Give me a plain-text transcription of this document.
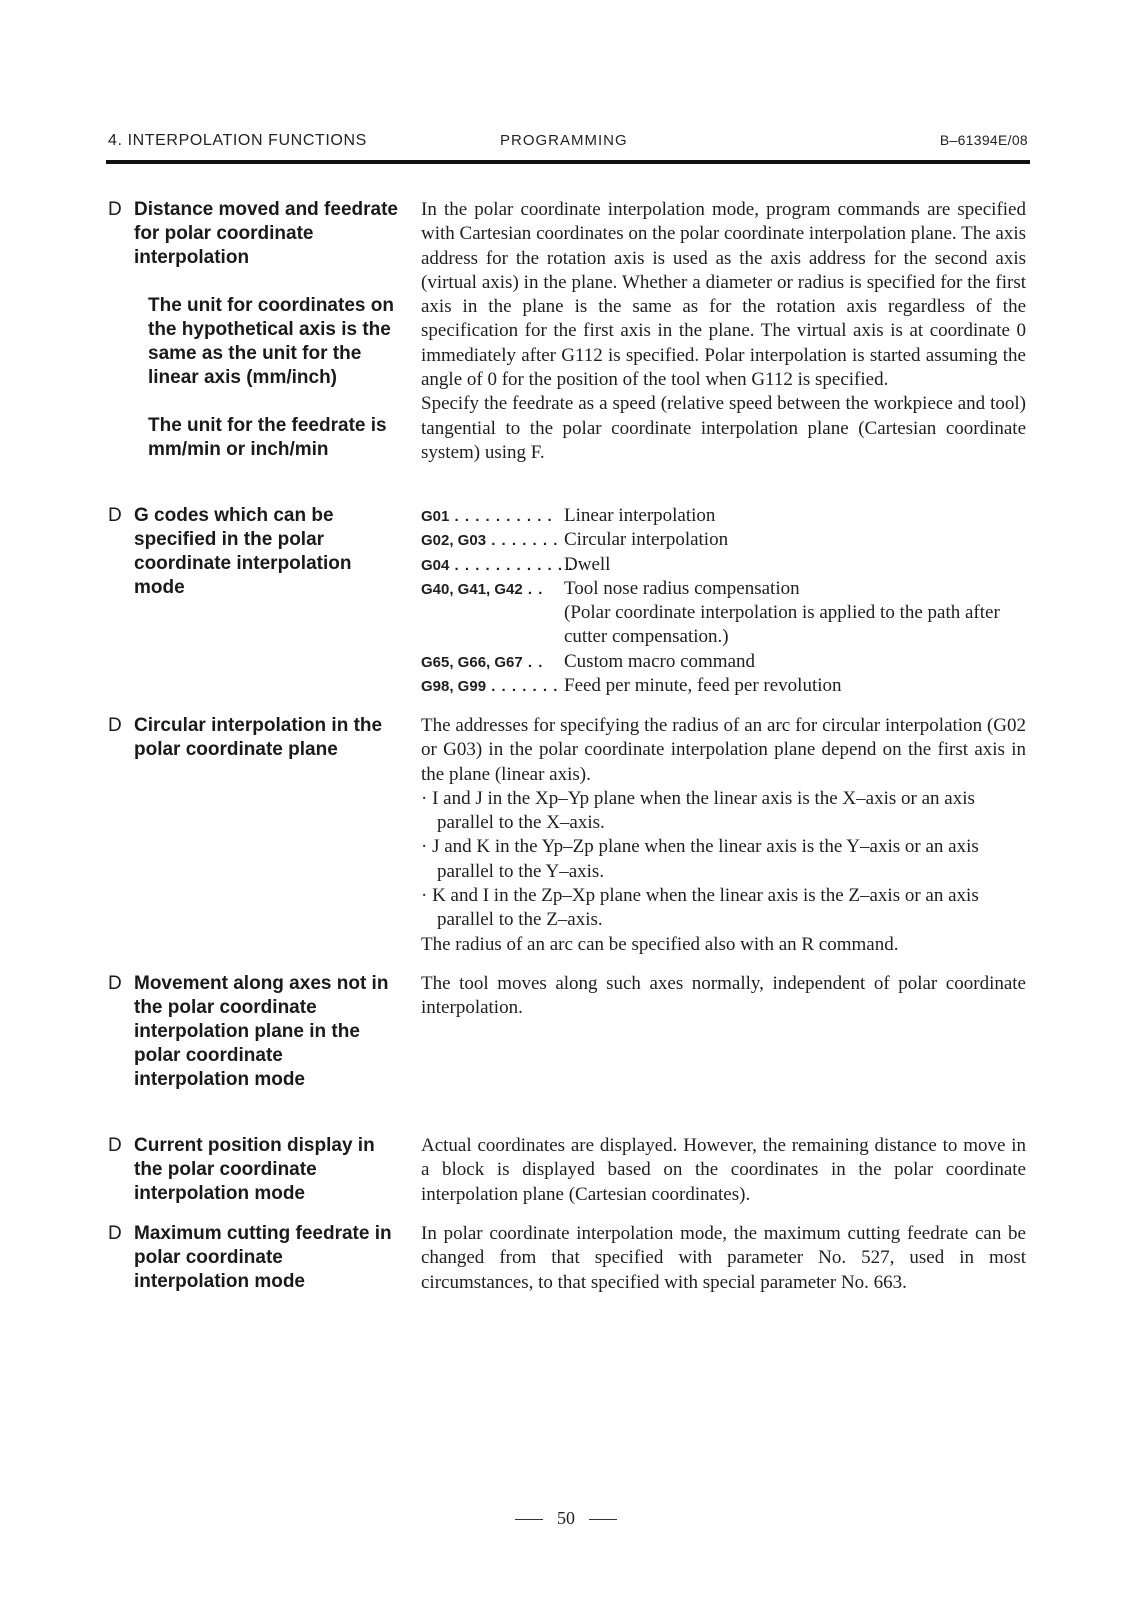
4. INTERPOLATION FUNCTIONS	PROGRAMMING	B–61394E/08
D Distance moved and feedrate for polar coordinate interpolation
The unit for coordinates on the hypothetical axis is the same as the unit for the linear axis (mm/inch)
The unit for the feedrate is mm/min or inch/min

In the polar coordinate interpolation mode, program commands are specified with Cartesian coordinates on the polar coordinate interpolation plane. The axis address for the rotation axis is used as the axis address for the second axis (virtual axis) in the plane. Whether a diameter or radius is specified for the first axis in the plane is the same as for the rotation axis regardless of the specification for the first axis in the plane. The virtual axis is at coordinate 0 immediately after G112 is specified. Polar interpolation is started assuming the angle of 0 for the position of the tool when G112 is specified.

Specify the feedrate as a speed (relative speed between the workpiece and tool) tangential to the polar coordinate interpolation plane (Cartesian coordinate system) using F.

D G codes which can be specified in the polar coordinate interpolation mode
G01 . . . . . . . . . . Linear interpolation
G02, G03 . . . . . . . Circular interpolation
G04 . . . . . . . . . . . .
Dwell
G40, G41, G42 . . Tool nose radius compensation
(Polar coordinate interpolation is applied to the path after cutter compensation.)
G65, G66, G67 . . Custom macro command
G98, G99 . . . . . . . Feed per minute, feed per revolution
D Circular interpolation in the polar coordinate plane

The addresses for specifying the radius of an arc for circular interpolation (G02 or G03) in the polar coordinate interpolation plane depend on the first axis in the plane (linear axis).

· I and J in the Xp–Yp plane when the linear axis is the X–axis or an axis parallel to the X–axis.

· J and K in the Yp–Zp plane when the linear axis is the Y–axis or an axis parallel to the Y–axis.

· K and I in the Zp–Xp plane when the linear axis is the Z–axis or an axis parallel to the Z–axis.

The radius of an arc can be specified also with an R command.

D Movement along axes not in the polar coordinate interpolation plane in the polar coordinate interpolation mode

The tool moves along such axes normally, independent of polar coordinate interpolation.

D Current position display in the polar coordinate interpolation mode

Actual coordinates are displayed. However, the remaining distance to move in a block is displayed based on the coordinates in the polar coordinate interpolation plane (Cartesian coordinates).

D Maximum cutting feedrate in polar coordinate interpolation mode

In polar coordinate interpolation mode, the maximum cutting feedrate can be changed from that specified with parameter No. 527, used in most circumstances, to that specified with special parameter No. 663.

50
